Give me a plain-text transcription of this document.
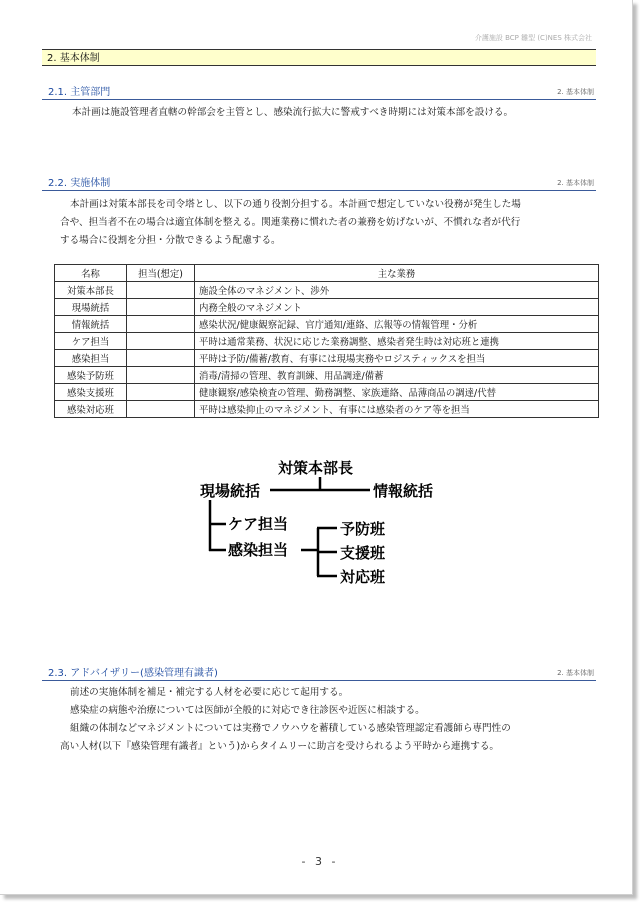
介護施設 BCP 雛型 (C)NES 株式会社
2. 基本体制
2.1. 主管部門	2. 基本体制

本計画は施設管理者直轄の幹部会を主管とし、感染流行拡大に警戒すべき時期には対策本部を設ける。

2.2. 実施体制	2. 基本体制

本計画は対策本部長を司令塔とし、以下の通り役割分担する。本計画で想定していない役務が発生した場
合や、担当者不在の場合は適宜体制を整える。関連業務に慣れた者の兼務を妨げないが、不慣れな者が代行
する場合に役割を分担・分散できるよう配慮する。

名称	担当(想定)	主な業務
対策本部長		施設全体のマネジメント、渉外
現場統括		内務全般のマネジメント
情報統括		感染状況/健康観察記録、官庁通知/連絡、広報等の情報管理・分析
ケア担当		平時は通常業務、状況に応じた業務調整、感染者発生時は対応班と連携
感染担当		平時は予防/備蓄/教育、有事には現場実務やロジスティックスを担当
感染予防班		消毒/清掃の管理、教育訓練、用品調達/備蓄
感染支援班		健康観察/感染検査の管理、勤務調整、家族連絡、品薄商品の調達/代替
感染対応班		平時は感染抑止のマネジメント、有事には感染者のケア等を担当
対策本部長
現場統括	情報統括
ケア担当
感染担当
予防班
支援班
対応班
2.3. アドバイザリー(感染管理有識者)	2. 基本体制

前述の実施体制を補足・補完する人材を必要に応じて起用する。
感染症の病態や治療については医師が全般的に対応でき往診医や近医に相談する。
組織の体制などマネジメントについては実務でノウハウを蓄積している感染管理認定看護師ら専門性の
高い人材(以下『感染管理有識者』という)からタイムリーに助言を受けられるよう平時から連携する。

- 3 -
